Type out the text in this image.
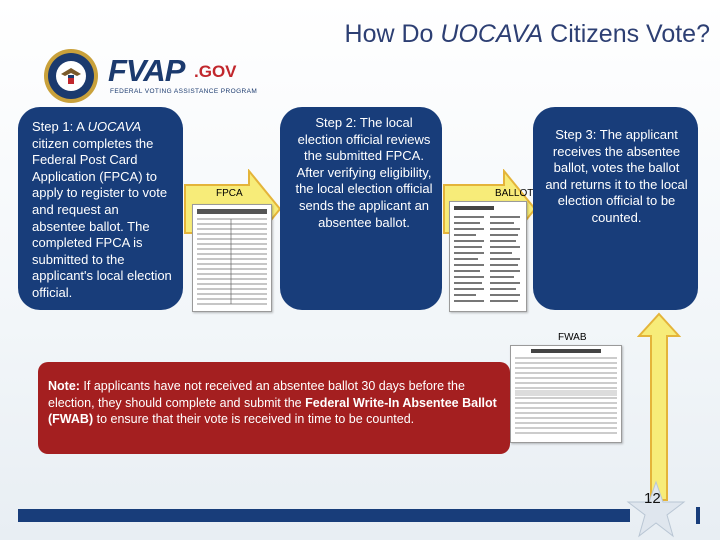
How Do UOCAVA Citizens Vote?
FVAP .GOV
FEDERAL VOTING ASSISTANCE PROGRAM
Step 1: A UOCAVA citizen completes the Federal Post Card Application (FPCA) to apply to register to vote and request an absentee ballot. The completed FPCA is submitted to the applicant's local election official.
FPCA
Step 2: The local election official reviews the submitted FPCA. After verifying eligibility, the local election official sends the applicant an absentee ballot.
BALLOT
Step 3: The applicant receives the absentee ballot, votes the ballot and returns it to the local election official to be counted.
FWAB
Note: If applicants have not received an absentee ballot 30 days before the election, they should complete and submit the Federal Write-In Absentee Ballot (FWAB) to ensure that their vote is received in time to be counted.
12
